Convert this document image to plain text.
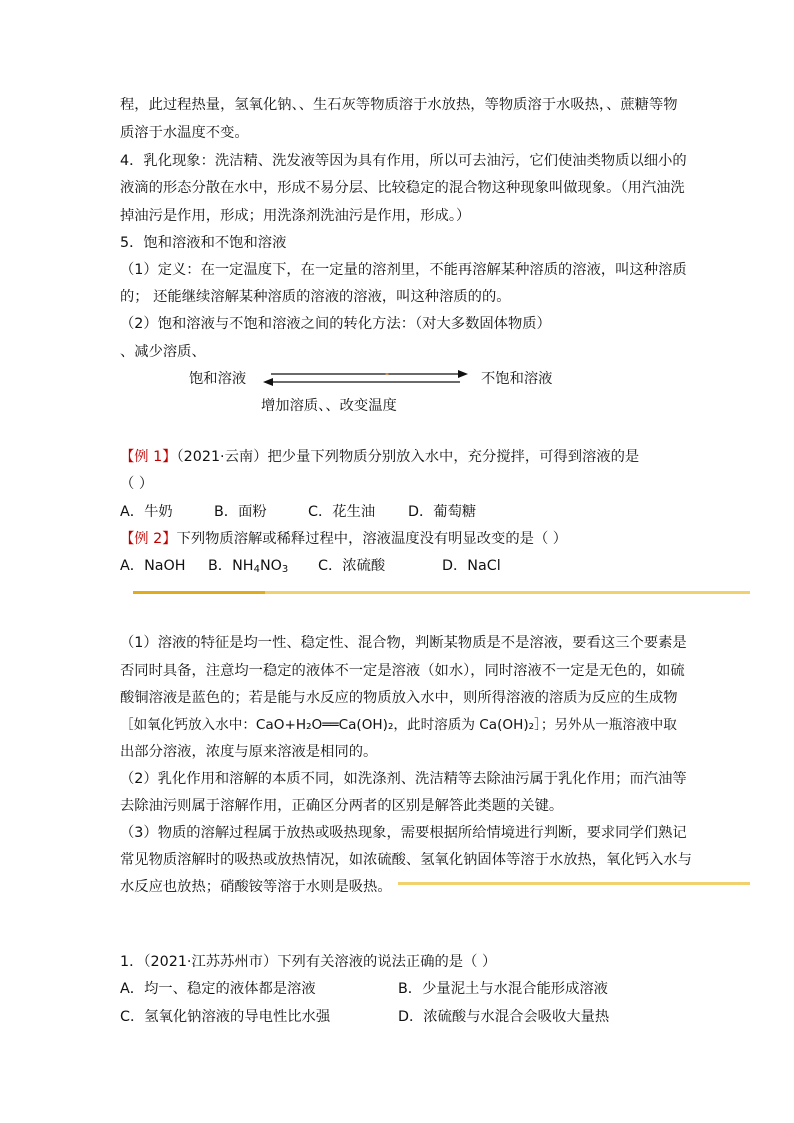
程，此过程热量，氢氧化钠、、生石灰等物质溶于水放热，等物质溶于水吸热，、蔗糖等物
质溶于水温度不变。
4．乳化现象：洗洁精、洗发液等因为具有作用，所以可去油污，它们使油类物质以细小的
液滴的形态分散在水中，形成不易分层、比较稳定的混合物这种现象叫做现象。（用汽油洗
掉油污是作用，形成；用洗涤剂洗油污是作用，形成。）
5．饱和溶液和不饱和溶液
（1）定义：在一定温度下，在一定量的溶剂里，不能再溶解某种溶质的溶液，叫这种溶质
的； 还能继续溶解某种溶质的溶液的溶液，叫这种溶质的的。
（2）饱和溶液与不饱和溶液之间的转化方法：（对大多数固体物质）
、减少溶质、
饱和溶液	不饱和溶液
-
增加溶质、、改变温度
【例 1】（2021·云南）把少量下列物质分别放入水中，充分搅拌，可得到溶液的是
（ ）
A．牛奶	B．面粉	C．花生油 D．葡萄糖
【例 2】下列物质溶解或稀释过程中，溶液温度没有明显改变的是（ ）
A．NaOH B．NH4NO3 C．浓硫酸	D．NaCl
（1）溶液的特征是均一性、稳定性、混合物，判断某物质是不是溶液，要看这三个要素是
否同时具备，注意均一稳定的液体不一定是溶液（如水），同时溶液不一定是无色的，如硫
酸铜溶液是蓝色的；若是能与水反应的物质放入水中，则所得溶液的溶质为反应的生成物
［如氧化钙放入水中：CaO+H₂O══Ca(OH)₂，此时溶质为 Ca(OH)₂］；另外从一瓶溶液中取
出部分溶液，浓度与原来溶液是相同的。
（2）乳化作用和溶解的本质不同，如洗涤剂、洗洁精等去除油污属于乳化作用；而汽油等
去除油污则属于溶解作用，正确区分两者的区别是解答此类题的关键。
（3）物质的溶解过程属于放热或吸热现象，需要根据所给情境进行判断，要求同学们熟记
常见物质溶解时的吸热或放热情况，如浓硫酸、氢氧化钠固体等溶于水放热，氧化钙入水与
水反应也放热；硝酸铵等溶于水则是吸热。
1．（2021·江苏苏州市）下列有关溶液的说法正确的是（ ）
A．均一、稳定的液体都是溶液	B．少量泥土与水混合能形成溶液
C．氢氧化钠溶液的导电性比水强	D．浓硫酸与水混合会吸收大量热
